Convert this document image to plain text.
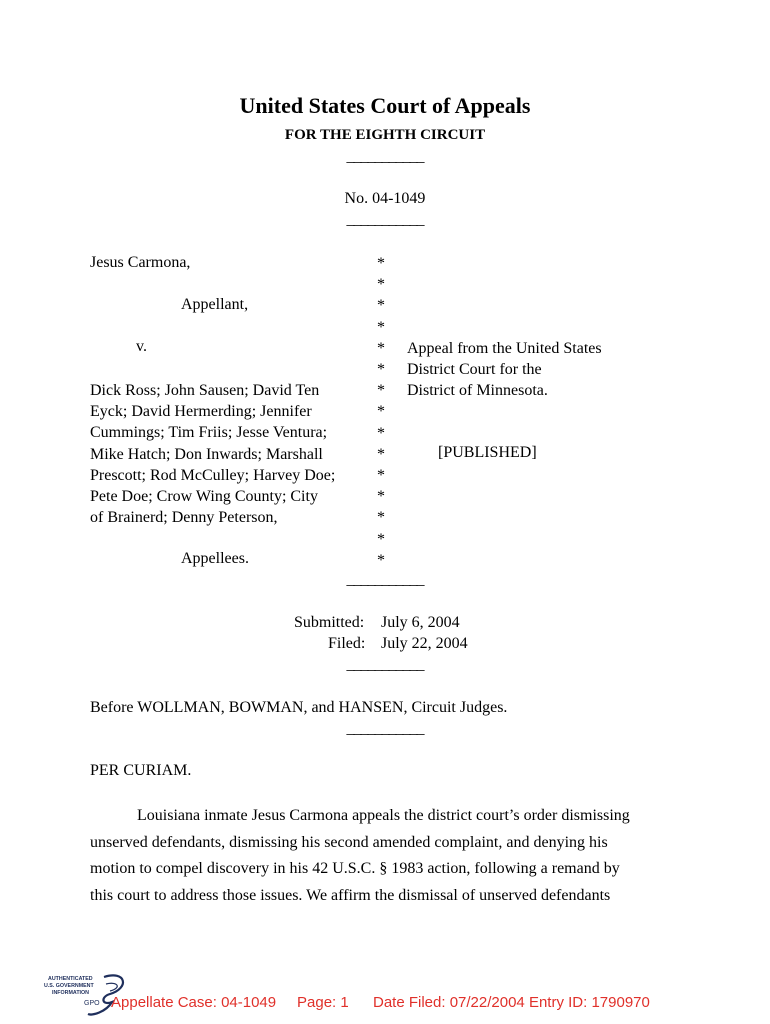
United States Court of Appeals
FOR THE EIGHTH CIRCUIT
___________
No. 04-1049
___________
Jesus Carmona,
Appellant,
v.
Dick Ross; John Sausen; David Ten
Eyck; David Hermerding; Jennifer
Cummings; Tim Friis; Jesse Ventura;
Mike Hatch; Don Inwards; Marshall
Prescott; Rod McCulley; Harvey Doe;
Pete Doe; Crow Wing County; City
of Brainerd; Denny Peterson,
Appellees.
*
*
*
*
*
*
*
*
*
*
*
*
*
*
*
Appeal from the United States
District Court for the
District of Minnesota.
[PUBLISHED]
___________
Submitted: July 6, 2004
Filed: July 22, 2004
___________
Before WOLLMAN, BOWMAN, and HANSEN, Circuit Judges.
___________
PER CURIAM.
Louisiana inmate Jesus Carmona appeals the district court’s order dismissing
unserved defendants, dismissing his second amended complaint, and denying his
motion to compel discovery in his 42 U.S.C. § 1983 action, following a remand by
this court to address those issues. We affirm the dismissal of unserved defendants
AUTHENTICATED
U.S. GOVERNMENT
INFORMATION
GPO Appellate Case: 04-1049 Page: 1 Date Filed: 07/22/2004 Entry ID: 1790970
